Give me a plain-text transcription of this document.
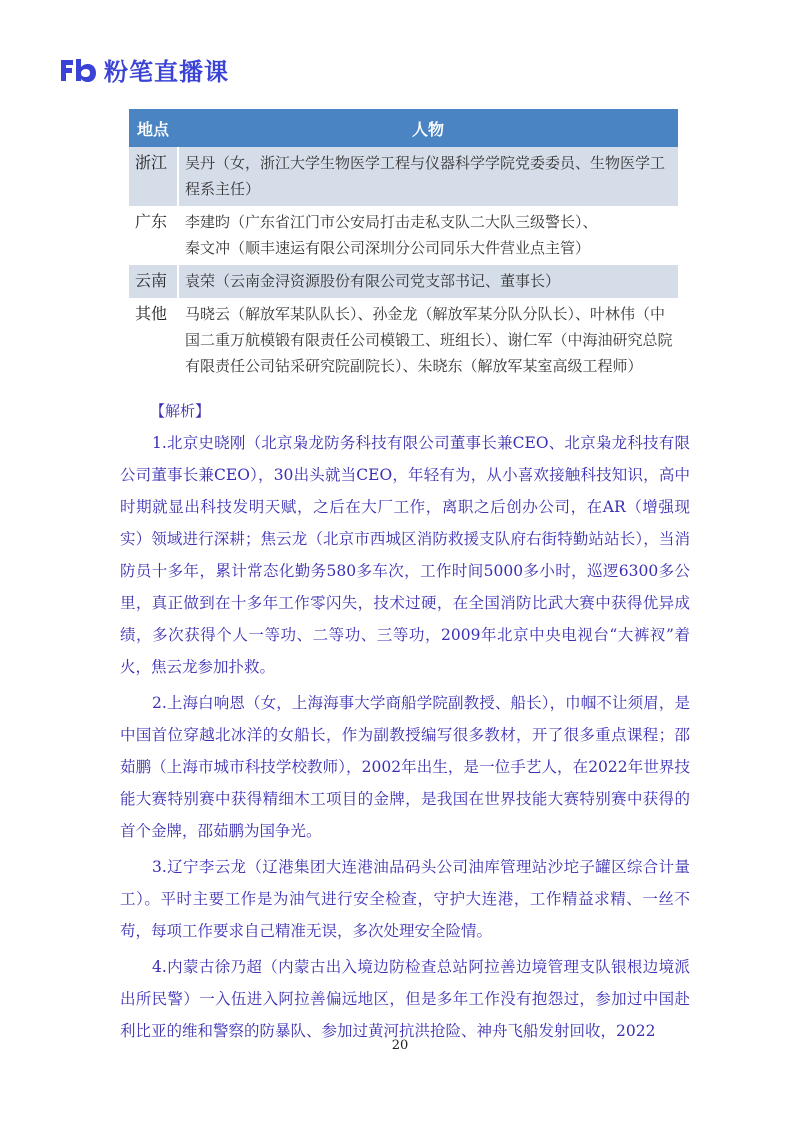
粉笔直播课
地点	人物
浙江	吴丹（女，浙江大学生物医学工程与仪器科学学院党委委员、生物医学工程系主任）
广东	李建昀（广东省江门市公安局打击走私支队二大队三级警长）、
秦文冲（顺丰速运有限公司深圳分公司同乐大件营业点主管）

云南	袁荣（云南金浔资源股份有限公司党支部书记、董事长）
其他	马晓云（解放军某队队长）、孙金龙（解放军某分队分队长）、叶林伟（中国二重万航模锻有限责任公司模锻工、班组长）、谢仁军（中海油研究总院有限责任公司钻采研究院副院长）、朱晓东（解放军某室高级工程师）
【解析】

1.北京史晓刚（北京枭龙防务科技有限公司董事长兼CEO、北京枭龙科技有限公司董事长兼CEO），30出头就当CEO，年轻有为，从小喜欢接触科技知识，高中时期就显出科技发明天赋，之后在大厂工作，离职之后创办公司，在AR（增强现实）领域进行深耕；焦云龙（北京市西城区消防救援支队府右街特勤站站长），当消防员十多年，累计常态化勤务580多车次，工作时间5000多小时，巡逻6300多公里，真正做到在十多年工作零闪失，技术过硬，在全国消防比武大赛中获得优异成绩，多次获得个人一等功、二等功、三等功，2009年北京中央电视台“大裤衩”着火，焦云龙参加扑救。

2.上海白响恩（女，上海海事大学商船学院副教授、船长），巾帼不让须眉，是中国首位穿越北冰洋的女船长，作为副教授编写很多教材，开了很多重点课程；邵茹鹏（上海市城市科技学校教师），2002年出生，是一位手艺人，在2022年世界技能大赛特别赛中获得精细木工项目的金牌，是我国在世界技能大赛特别赛中获得的首个金牌，邵茹鹏为国争光。

3.辽宁李云龙（辽港集团大连港油品码头公司油库管理站沙坨子罐区综合计量工）。平时主要工作是为油气进行安全检查，守护大连港，工作精益求精、一丝不苟，每项工作要求自己精准无误，多次处理安全险情。

4.内蒙古徐乃超（内蒙古出入境边防检查总站阿拉善边境管理支队银根边境派出所民警）一入伍进入阿拉善偏远地区，但是多年工作没有抱怨过，参加过中国赴利比亚的维和警察的防暴队、参加过黄河抗洪抢险、神舟飞船发射回收，2022

20
